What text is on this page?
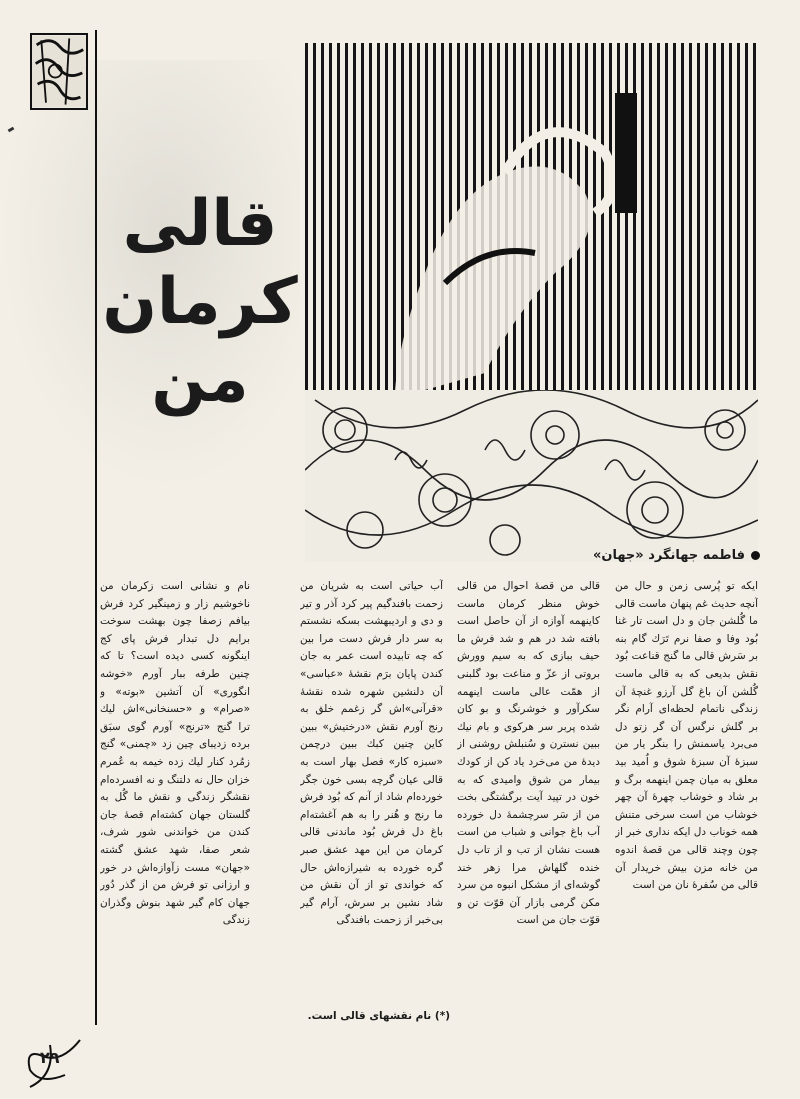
قالی
کرمان
من
فاطمه جهانگرد «جهان»

ایکه تو پُرسی زمن و حال من آنچه حدیث غم پنهان ماست قالی ما گُلشن جان و دل است تار غنا بُود وفا و صفا نرم تَرَك گام بنه بر سَرش قالی ما گنج قناعت بُود نقش بدیعی که به قالی ماست گُلشن آن باغ گل آرزو غنچهٔ آن زندگی ناتمام لحظه‌ای آرام نگر بر گلش نرگس آن گر زتو دل می‌برد یاسمنش را بنگر یار من سبزهٔ آن سبزهٔ شوق و اُمید بید معلق به میان چمن اینهمه برگ و بر شاد و خوشاب چهرهٔ آن چهر خوشاب من است سرخی متنش همه خوناب دل ایکه نداری خبر از چون وچند قالی من قصهٔ اندوه من خانه مزن بیش خریدار آن قالی من سُفرهٔ نان من است

قالی من قصهٔ احوال من قالی خوش منظر کرمان ماست کاینهمه آوازه از آن حاصل است بافته شد در هم و شد فرش ما حیف ببازی که به سیم وورش بروتی از عزّ و مناعت بود گلبنی از همّت عالی ماست اینهمه سکرآور و خوشرنگ و بو کان شده پربر سر هرکوی و بام نیك ببین نسترن و سُنبلش روشنی از دیدهٔ من می‌خرد یاد کن از کودك بیمار من شوق وامیدی که به خون در تپید آیت برگشتگی بخت من از سَر سرچشمهٔ دل خورده آب باغ جوانی و شباب من است هست نشان از تب و از تاب دل خنده گلهاش مرا زهر خند گوشه‌ای از مشکل انبوه من سرد مکن گرمی بازار آن قوّت تن و قوّت جان من است

آب حیاتی است به شریان من زحمت بافندگیم پیر کرد آذر و تیر و دی و اردیبهشت بسکه نشستم به سر دار فرش دست مرا بین که چه تابیده است عمر به جان کندن پایان برَم نقشهٔ «عباسی» آن دلنشین شهره شده نقشهٔ «قرآنی»اش گر زغمم خلق به رنج آورم نقش «درختیش» ببین کاین چنین کبك ببین درچمن «سبزه کار» فصل بهار است به قالی عیان گرچه بسی خون جگر خورده‌ام شاد از آنم که بُود فرش ما رنج و هُنر را به هم آغشته‌ام باغ دل فرش بُود ماندنی قالی کرمان من این مهد عشق صبر گره خورده به شیرازه‌اش حال که خواندی تو از آن نقش من شاد نشین بر سرش، آرام گیر بی‌خبر از زحمت بافندگی

نام و نشانی است زکرمان من ناخوشیم زار و زمینگیر کرد فرش بیافم زصفا چون بهشت سوخت برایم دل تبدار فرش پای کج اینگونه کسی دیده است؟ تا که چنین طرفه ببار آورم «خوشه انگوری» آن آتشین «بوته» و «صرام» و «حسنخانی»اش لیك ترا گنج «ترنج» آورم گوی سبَق برده زدیبای چین زد «چمنی» گنج زمُرد کنار لیك زده خیمه به عُمرم خزان حال نه دلتنگ و نه افسرده‌ام نقشگر زندگی و نقش ما گُل به گلستان جهان کشته‌ام قصهٔ جان کندن من خواندنی شور شرف، شعر صفا، شهد عشق گشته «جهان» مست زآوازه‌اش در خور و ارزانی تو فرش من از گذر دُور جهان کام گیر شهد بنوش وگذران زندگی

(*) نام نقشهای قالی است.
۲۹
